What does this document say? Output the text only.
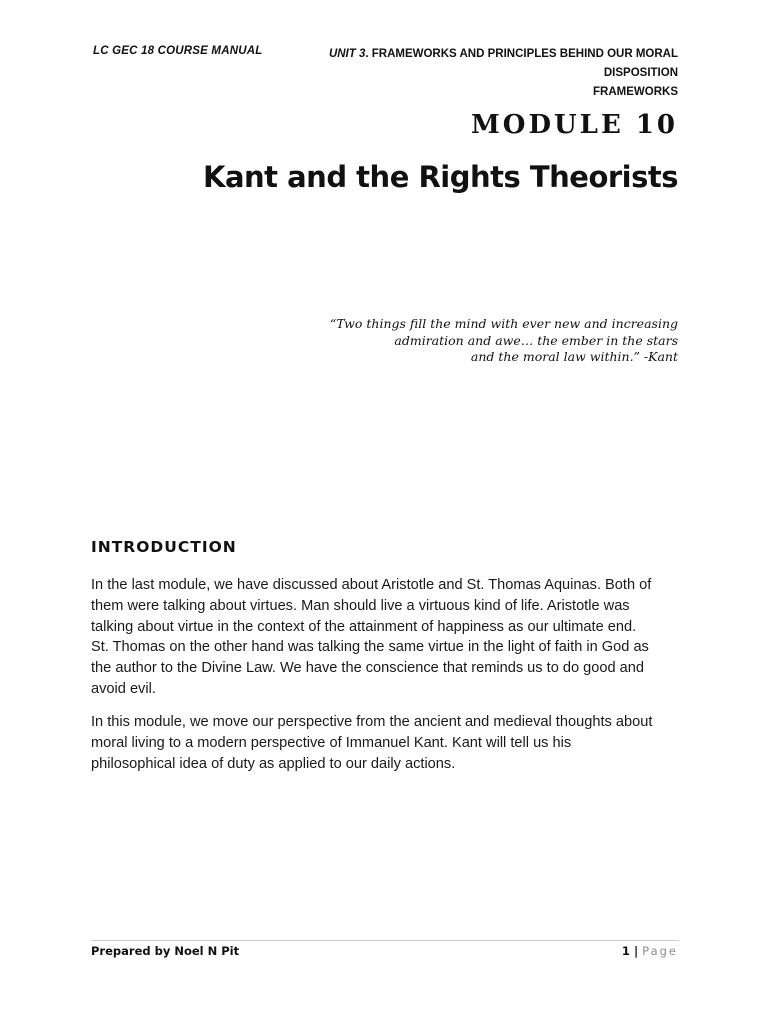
LC GEC 18 COURSE MANUAL	UNIT 3. FRAMEWORKS AND PRINCIPLES BEHIND OUR MORAL DISPOSITION
FRAMEWORKS
MODULE 10
Kant and the Rights Theorists
“Two things fill the mind with ever new and increasing
admiration and awe… the ember in the stars
and the moral law within.” -Kant
INTRODUCTION
In the last module, we have discussed about Aristotle and St. Thomas Aquinas. Both of
them were talking about virtues. Man should live a virtuous kind of life. Aristotle was
talking about virtue in the context of the attainment of happiness as our ultimate end.
St. Thomas on the other hand was talking the same virtue in the light of faith in God as
the author to the Divine Law. We have the conscience that reminds us to do good and
avoid evil.
In this module, we move our perspective from the ancient and medieval thoughts about
moral living to a modern perspective of Immanuel Kant. Kant will tell us his
philosophical idea of duty as applied to our daily actions.
Prepared by Noel N Pit	1 | Page
